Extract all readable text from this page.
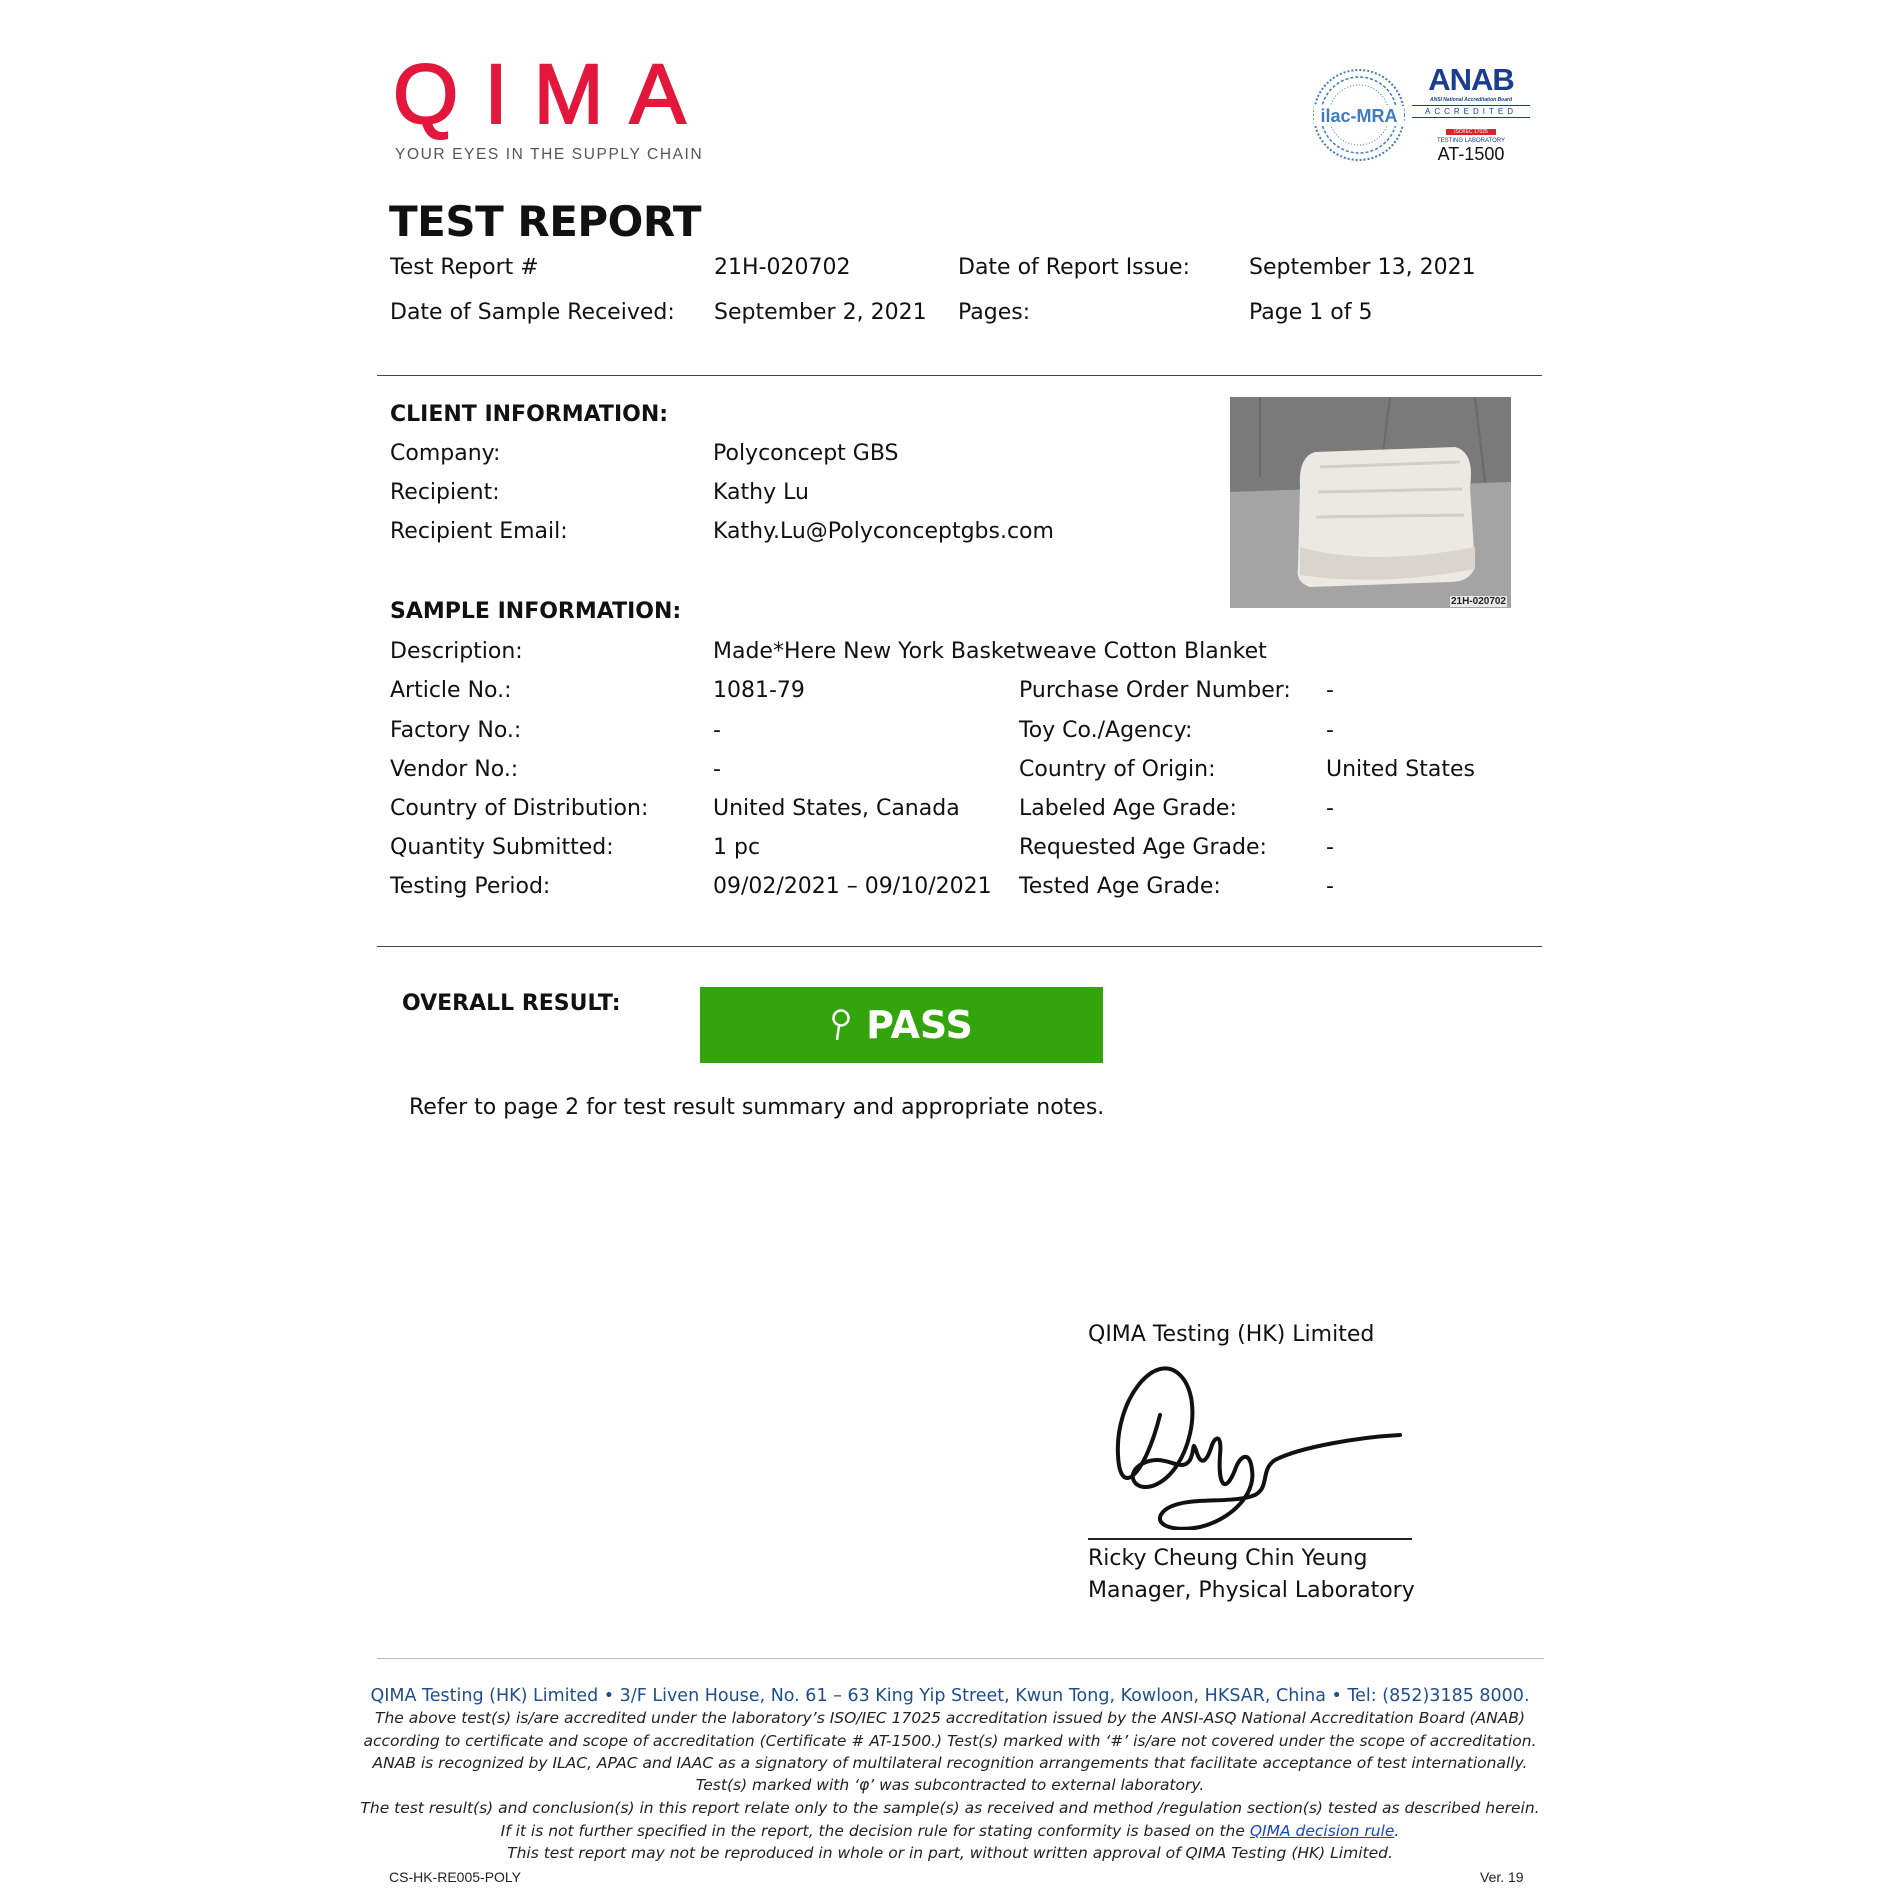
QIMA
YOUR EYES IN THE SUPPLY CHAIN
ilac-MRA
ANAB
ANSI National Accreditation Board
ACCREDITED
ISO/IEC 17025
TESTING LABORATORY
AT-1500
TEST REPORT
Test Report #	21H-020702	Date of Report Issue:	September 13, 2021
Date of Sample Received: September 2, 2021 Pages:	Page 1 of 5
CLIENT INFORMATION:
Company:	Polyconcept GBS
Recipient:	Kathy Lu
Recipient Email:	Kathy.Lu@Polyconceptgbs.com
21H-020702
SAMPLE INFORMATION:
Description:	Made*Here New York Basketweave Cotton Blanket
Article No.:	1081-79	Purchase Order Number: -
Factory No.:	-	Toy Co./Agency:	-
Vendor No.:	-	Country of Origin:	United States
Country of Distribution:	United States, Canada	Labeled Age Grade:	-
Quantity Submitted:	1 pc	Requested Age Grade:	-
Testing Period:	09/02/2021 – 09/10/2021 Tested Age Grade:	-
OVERALL RESULT:	PASS
Refer to page 2 for test result summary and appropriate notes.
QIMA Testing (HK) Limited
Ricky Cheung Chin Yeung
Manager, Physical Laboratory
QIMA Testing (HK) Limited • 3/F Liven House, No. 61 – 63 King Yip Street, Kwun Tong, Kowloon, HKSAR, China • Tel: (852)3185 8000.
The above test(s) is/are accredited under the laboratory’s ISO/IEC 17025 accreditation issued by the ANSI-ASQ National Accreditation Board (ANAB)
according to certificate and scope of accreditation (Certificate # AT-1500.) Test(s) marked with ‘#’ is/are not covered under the scope of accreditation.
ANAB is recognized by ILAC, APAC and IAAC as a signatory of multilateral recognition arrangements that facilitate acceptance of test internationally.
Test(s) marked with ‘φ’ was subcontracted to external laboratory.
The test result(s) and conclusion(s) in this report relate only to the sample(s) as received and method /regulation section(s) tested as described herein.
If it is not further specified in the report, the decision rule for stating conformity is based on the QIMA decision rule.
This test report may not be reproduced in whole or in part, without written approval of QIMA Testing (HK) Limited.
CS-HK-RE005-POLY	Ver. 19
